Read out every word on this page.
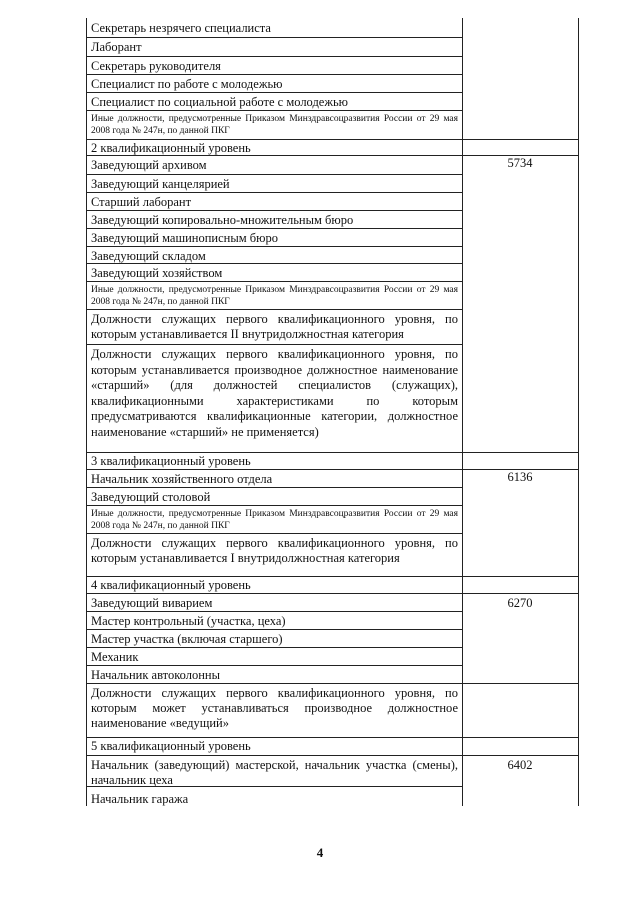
Секретарь незрячего специалиста
Лаборант
Секретарь руководителя
Специалист по работе с молодежью
Специалист по социальной работе с молодежью
Иные должности, предусмотренные Приказом Минздравсоцразвития России от 29 мая 2008 года № 247н, по данной ПКГ
2 квалификационный уровень
Заведующий архивом
Заведующий канцелярией
Старший лаборант
Заведующий копировально-множительным бюро
Заведующий машинописным бюро
Заведующий складом
Заведующий хозяйством
Иные должности, предусмотренные Приказом Минздравсоцразвития России от 29 мая 2008 года № 247н, по данной ПКГ
Должности служащих первого квалификационного уровня, по которым устанавливается II внутридолжностная категория
Должности служащих первого квалификационного уровня, по которым устанавливается производное должностное наименование «старший» (для должностей специалистов (служащих), квалификационными характеристиками по которым предусматриваются квалификационные категории, должностное наименование «старший» не применяется)
3 квалификационный уровень
Начальник хозяйственного отдела
Заведующий столовой
Иные должности, предусмотренные Приказом Минздравсоцразвития России от 29 мая 2008 года № 247н, по данной ПКГ
Должности служащих первого квалификационного уровня, по которым устанавливается I внутридолжностная категория
4 квалификационный уровень
Заведующий виварием
Мастер контрольный (участка, цеха)
Мастер участка (включая старшего)
Механик
Начальник автоколонны
Должности служащих первого квалификационного уровня, по которым может устанавливаться производное должностное наименование «ведущий»
5 квалификационный уровень
Начальник (заведующий) мастерской, начальник участка (смены), начальник цеха
Начальник гаража
5734
6136
6270
6402
4
